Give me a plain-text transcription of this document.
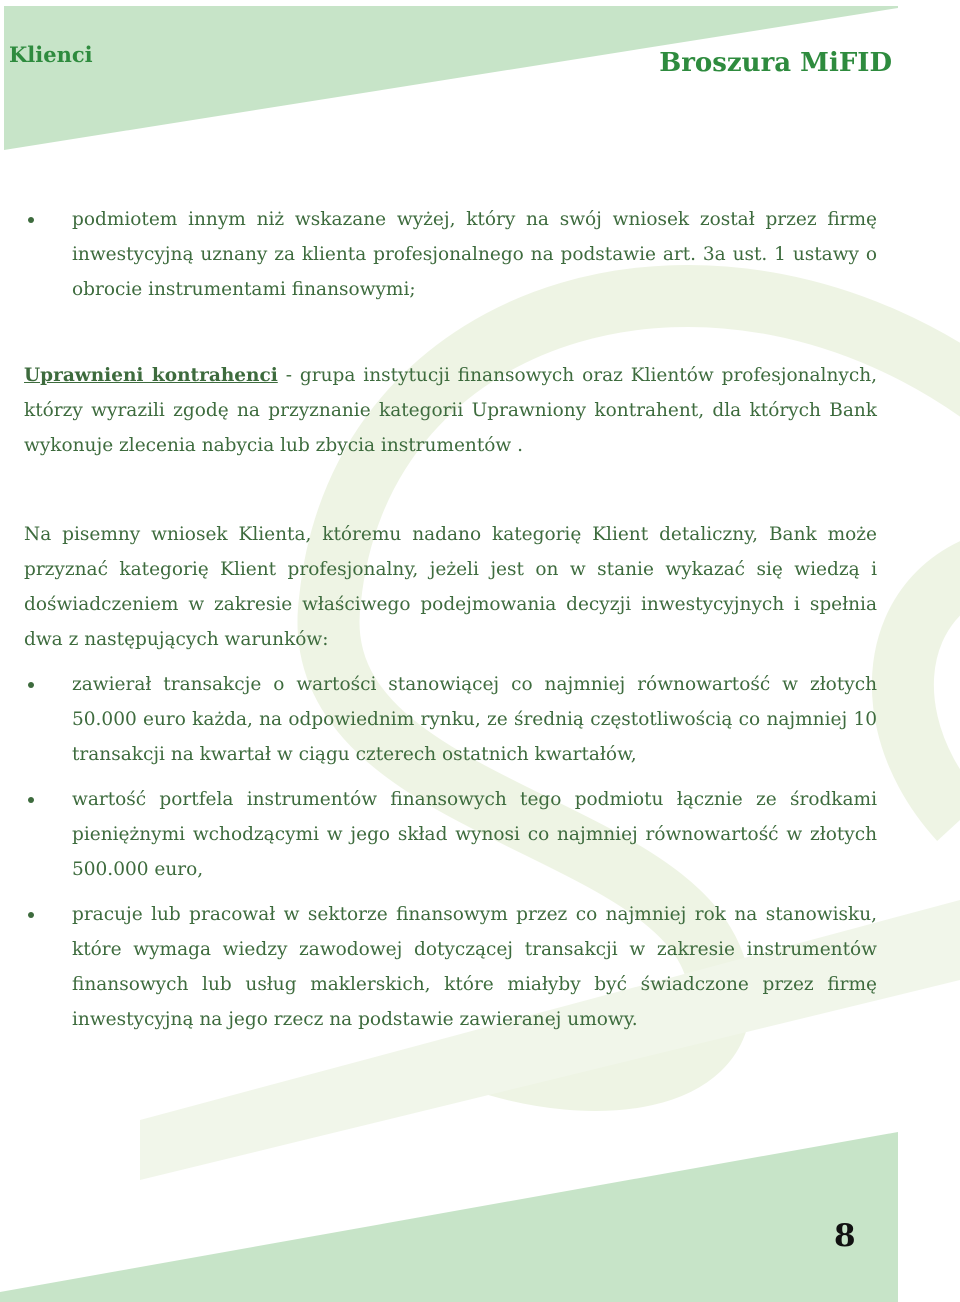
Klienci	Broszura MiFID
podmiotem innym niż wskazane wyżej, który na swój wniosek został przez firmę inwestycyjną uznany za klienta profesjonalnego na podstawie art. 3a ust. 1 ustawy o obrocie instrumentami finansowymi;
Uprawnieni kontrahenci - grupa instytucji finansowych oraz Klientów profesjonalnych, którzy wyrazili zgodę na przyznanie kategorii Uprawniony kontrahent, dla których Bank wykonuje zlecenia nabycia lub zbycia instrumentów .
Na pisemny wniosek Klienta, któremu nadano kategorię Klient detaliczny, Bank może przyznać kategorię Klient profesjonalny, jeżeli jest on w stanie wykazać się wiedzą i doświadczeniem w zakresie właściwego podejmowania decyzji inwestycyjnych i spełnia dwa z następujących warunków:
zawierał transakcje o wartości stanowiącej co najmniej równowartość w złotych 50.000 euro każda, na odpowiednim rynku, ze średnią częstotliwością co najmniej 10 transakcji na kwartał w ciągu czterech ostatnich kwartałów,
wartość portfela instrumentów finansowych tego podmiotu łącznie ze środkami pieniężnymi wchodzącymi w jego skład wynosi co najmniej równowartość w złotych 500.000 euro,
pracuje lub pracował w sektorze finansowym przez co najmniej rok na stanowisku, które wymaga wiedzy zawodowej dotyczącej transakcji w zakresie instrumentów finansowych lub usług maklerskich, które miałyby być świadczone przez firmę inwestycyjną na jego rzecz na podstawie zawieranej umowy.
8
